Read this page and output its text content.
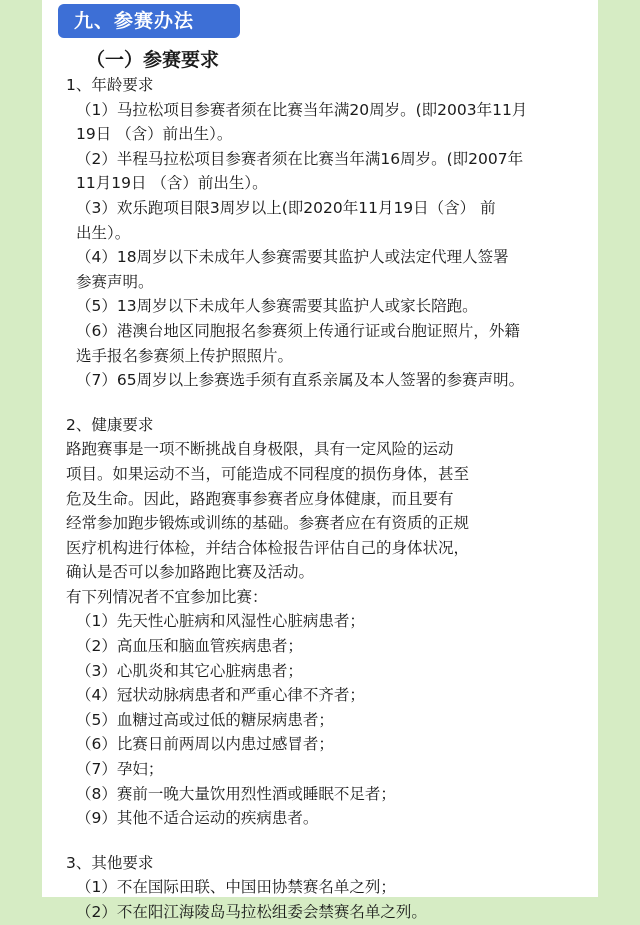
九、参赛办法
（一）参赛要求
1、年龄要求
（1）马拉松项目参赛者须在比赛当年满20周岁。(即2003年11月
19日 （含）前出生）。
（2）半程马拉松项目参赛者须在比赛当年满16周岁。(即2007年
11月19日 （含）前出生）。
（3）欢乐跑项目限3周岁以上(即2020年11月19日（含） 前
出生）。
（4）18周岁以下未成年人参赛需要其监护人或法定代理人签署
参赛声明。
（5）13周岁以下未成年人参赛需要其监护人或家长陪跑。
（6）港澳台地区同胞报名参赛须上传通行证或台胞证照片，外籍
选手报名参赛须上传护照照片。
（7）65周岁以上参赛选手须有直系亲属及本人签署的参赛声明。
2、健康要求
路跑赛事是一项不断挑战自身极限，具有一定风险的运动
项目。如果运动不当，可能造成不同程度的损伤身体，甚至
危及生命。因此，路跑赛事参赛者应身体健康，而且要有
经常参加跑步锻炼或训练的基础。参赛者应在有资质的正规
医疗机构进行体检，并结合体检报告评估自己的身体状况，
确认是否可以参加路跑比赛及活动。
有下列情况者不宜参加比赛：
（1）先天性心脏病和风湿性心脏病患者；
（2）高血压和脑血管疾病患者；
（3）心肌炎和其它心脏病患者；
（4）冠状动脉病患者和严重心律不齐者；
（5）血糖过高或过低的糖尿病患者；
（6）比赛日前两周以内患过感冒者；
（7）孕妇；
（8）赛前一晚大量饮用烈性酒或睡眠不足者；
（9）其他不适合运动的疾病患者。
3、其他要求
（1）不在国际田联、中国田协禁赛名单之列；
（2）不在阳江海陵岛马拉松组委会禁赛名单之列。
